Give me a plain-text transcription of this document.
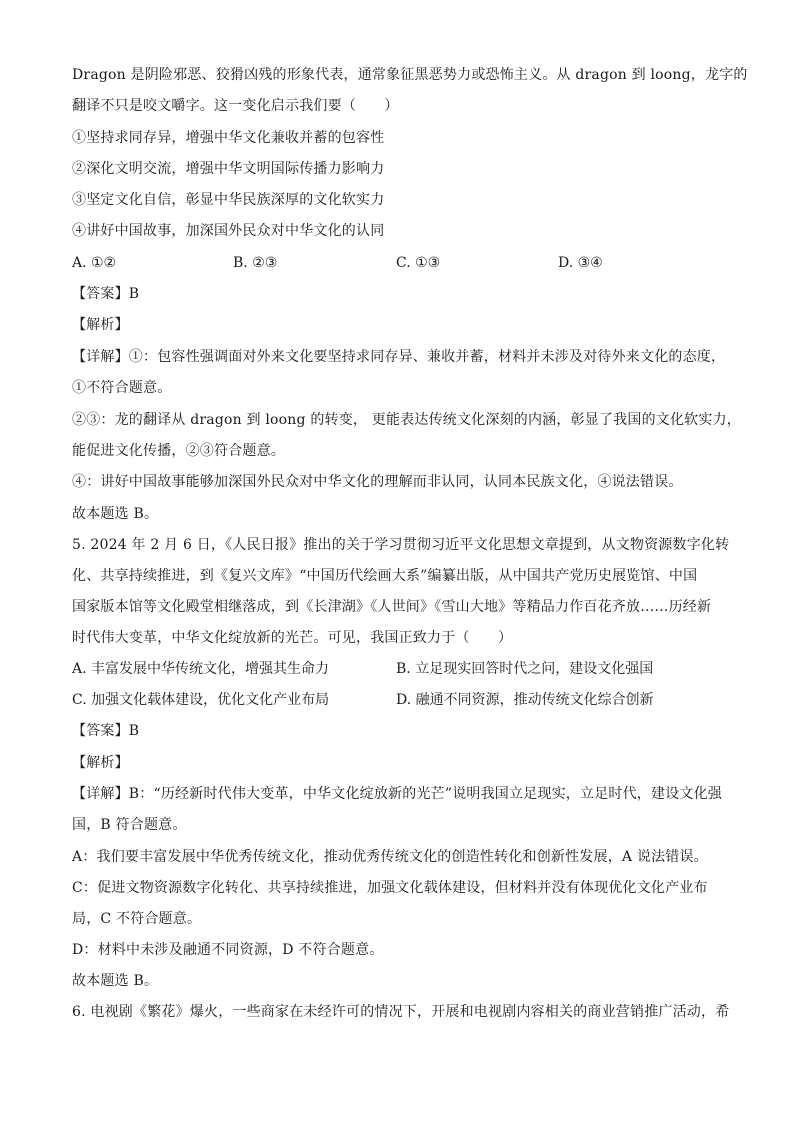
Dragon 是阴险邪恶、狡猾凶残的形象代表，通常象征黑恶势力或恐怖主义。从 dragon 到 loong，龙字的
翻译不只是咬文嚼字。这一变化启示我们要（　　）
①坚持求同存异，增强中华文化兼收并蓄的包容性
②深化文明交流，增强中华文明国际传播力影响力
③坚定文化自信，彰显中华民族深厚的文化软实力
④讲好中国故事，加深国外民众对中华文化的认同
A. ①②	B. ②③	C. ①③	D. ③④
【答案】B
【解析】
【详解】①：包容性强调面对外来文化要坚持求同存异、兼收并蓄，材料并未涉及对待外来文化的态度，
①不符合题意。
②③：龙的翻译从 dragon 到 loong 的转变， 更能表达传统文化深刻的内涵，彰显了我国的文化软实力，
能促进文化传播，②③符合题意。
④：讲好中国故事能够加深国外民众对中华文化的理解而非认同，认同本民族文化，④说法错误。
故本题选 B。
5. 2024 年 2 月 6 日，《人民日报》推出的关于学习贯彻习近平文化思想文章提到，从文物资源数字化转
化、共享持续推进，到《复兴文库》“中国历代绘画大系”编纂出版，从中国共产党历史展览馆、中国
国家版本馆等文化殿堂相继落成，到《长津湖》《人世间》《雪山大地》等精品力作百花齐放……历经新
时代伟大变革，中华文化绽放新的光芒。可见，我国正致力于（　　）
A. 丰富发展中华传统文化，增强其生命力	B. 立足现实回答时代之问，建设文化强国
C. 加强文化载体建设，优化文化产业布局	D. 融通不同资源，推动传统文化综合创新
【答案】B
【解析】
【详解】B：“历经新时代伟大变革，中华文化绽放新的光芒”说明我国立足现实，立足时代，建设文化强
国，B 符合题意。
A：我们要丰富发展中华优秀传统文化，推动优秀传统文化的创造性转化和创新性发展，A 说法错误。
C：促进文物资源数字化转化、共享持续推进，加强文化载体建设，但材料并没有体现优化文化产业布
局，C 不符合题意。
D：材料中未涉及融通不同资源，D 不符合题意。
故本题选 B。
6. 电视剧《繁花》爆火，一些商家在未经许可的情况下，开展和电视剧内容相关的商业营销推广活动，希
